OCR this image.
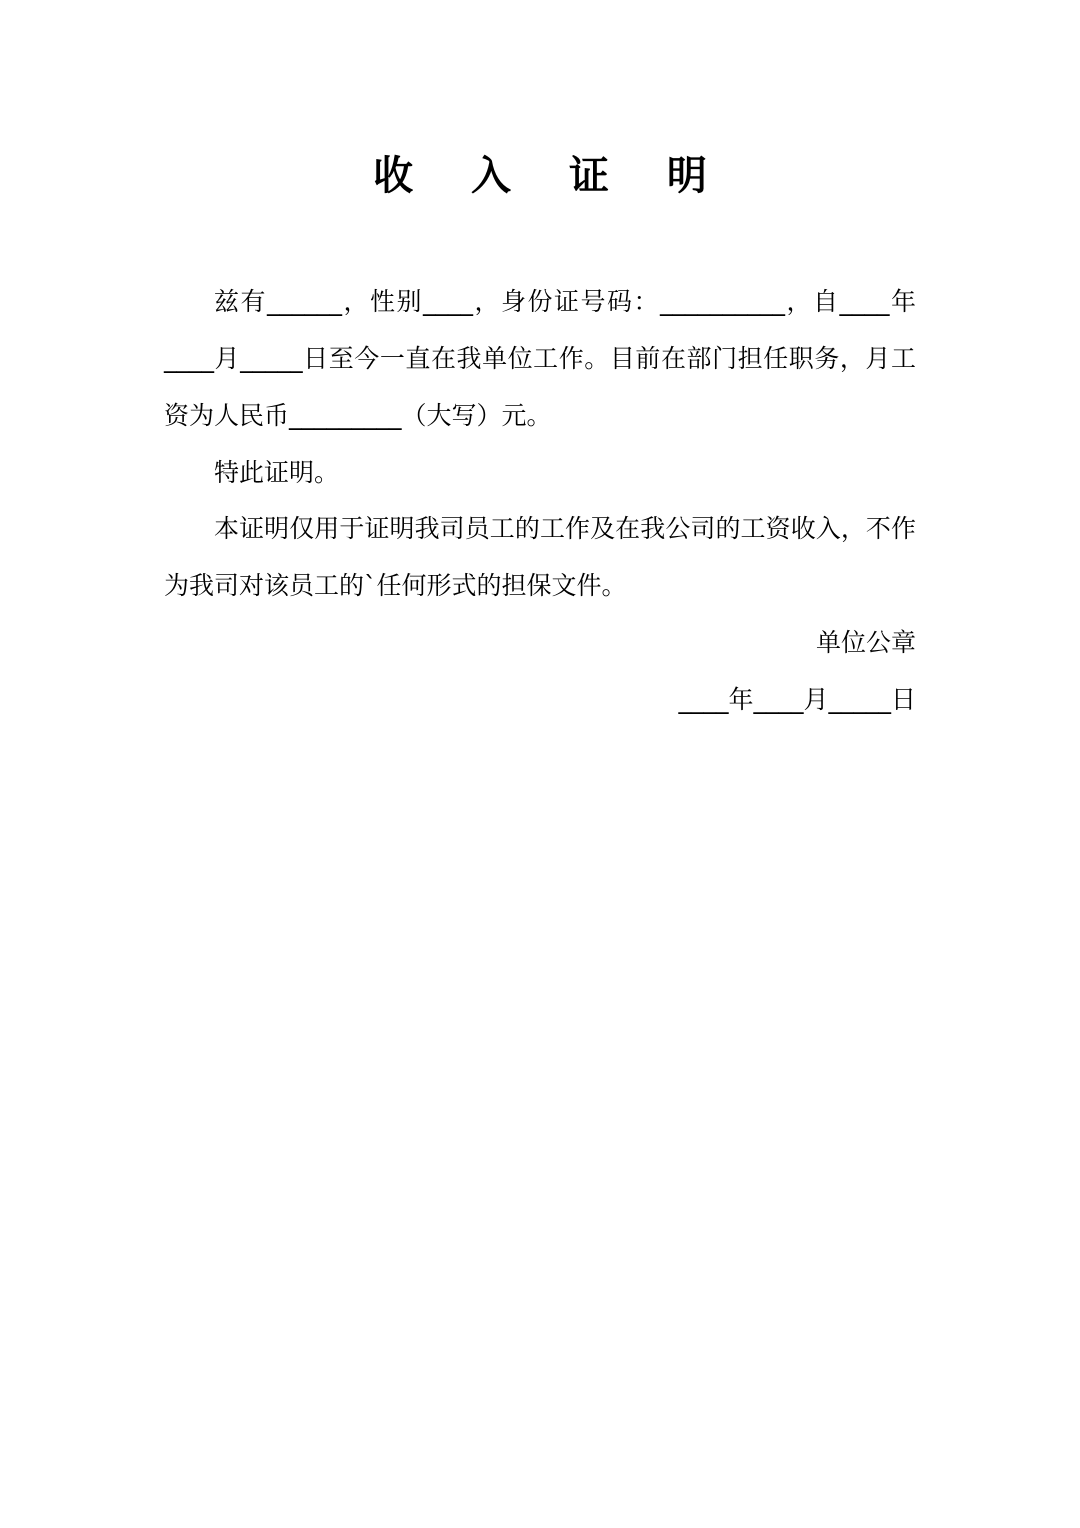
收 入 证 明
兹有______，性别____，身份证号码：__________，自____年____月_____日至今一直在我单位工作。目前在部门担任职务，月工资为人民币_________（大写）元。
特此证明。
本证明仅用于证明我司员工的工作及在我公司的工资收入，不作为我司对该员工的`任何形式的担保文件。
单位公章
____年____月_____日
